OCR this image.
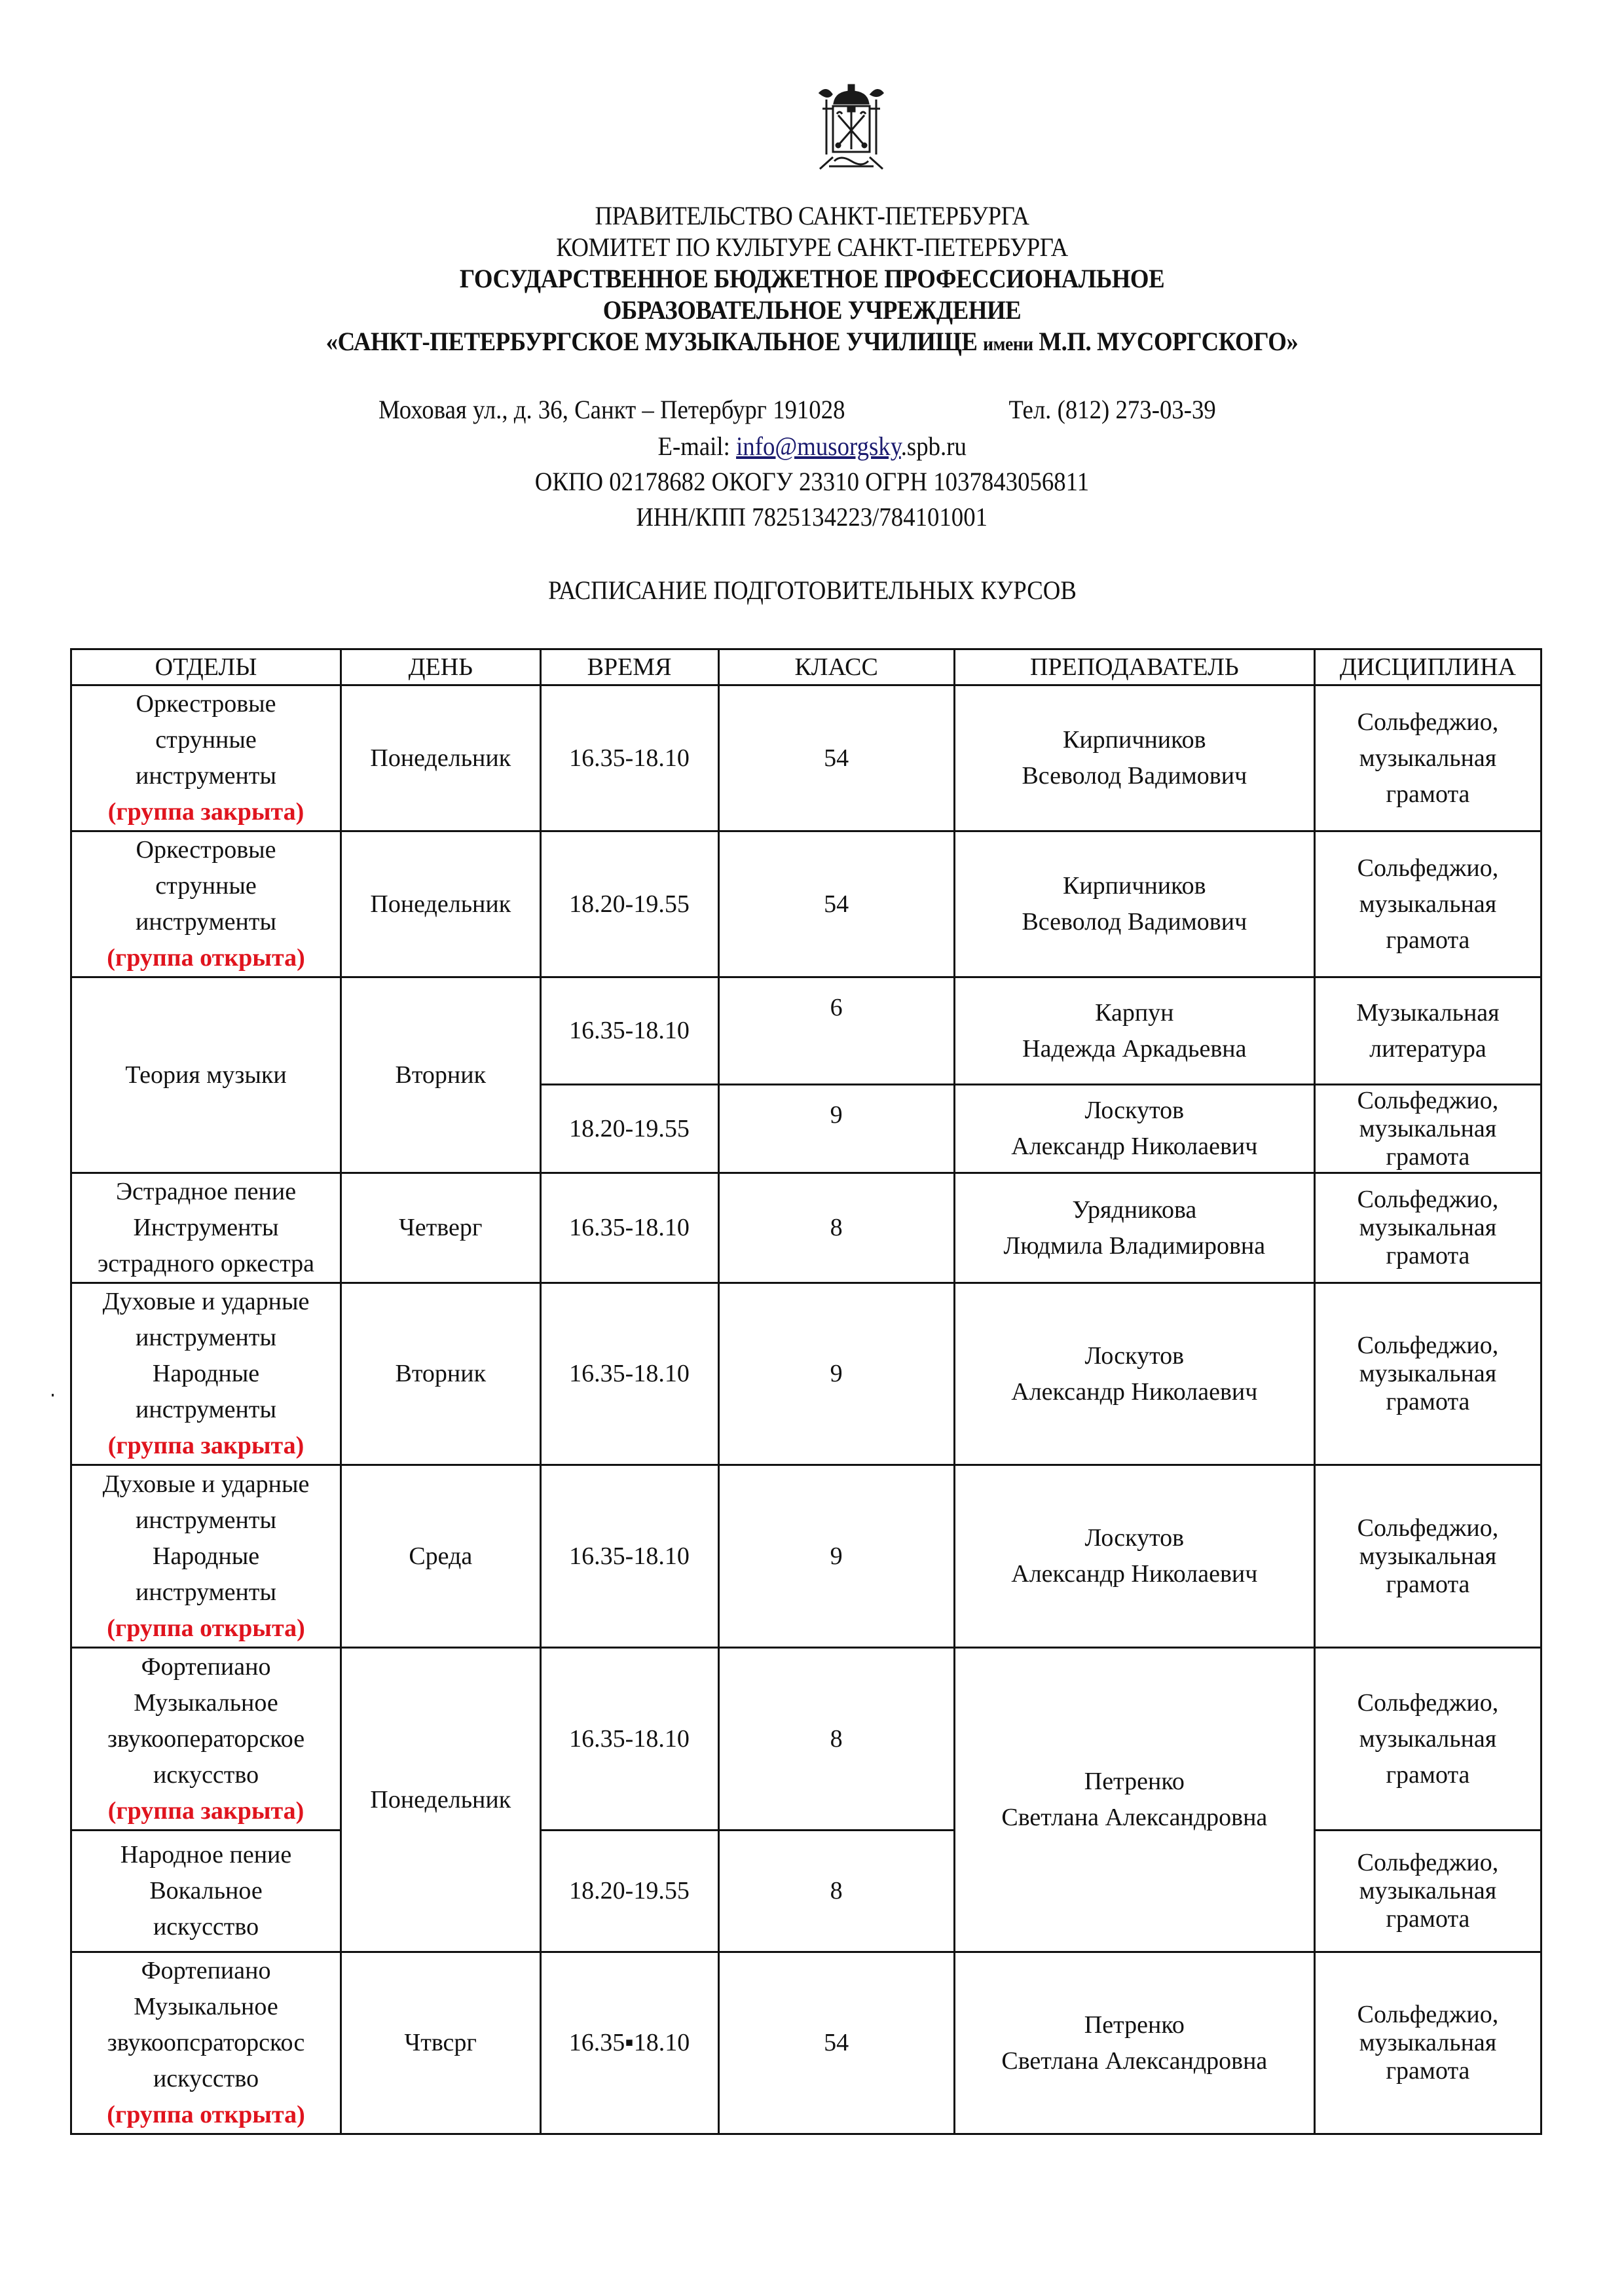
ПРАВИТЕЛЬСТВО САНКТ-ПЕТЕРБУРГА
КОМИТЕТ ПО КУЛЬТУРЕ САНКТ-ПЕТЕРБУРГА
ГОСУДАРСТВЕННОЕ БЮДЖЕТНОЕ ПРОФЕССИОНАЛЬНОЕ
ОБРАЗОВАТЕЛЬНОЕ УЧРЕЖДЕНИЕ
«САНКТ-ПЕТЕРБУРГСКОЕ МУЗЫКАЛЬНОЕ УЧИЛИЩЕ имени М.П. МУСОРГСКОГО»
Моховая ул., д. 36, Санкт – Петербург 191028	Тел. (812) 273-03-39
E-mail: info@musorgsky.spb.ru
ОКПО 02178682 ОКОГУ 23310 ОГРН 1037843056811
ИНН/КПП 7825134223/784101001
РАСПИСАНИЕ ПОДГОТОВИТЕЛЬНЫХ КУРСОВ
ОТДЕЛЫ	ДЕНЬ	ВРЕМЯ	КЛАСС	ПРЕПОДАВАТЕЛЬ	ДИСЦИПЛИНА

Оркестровые
струнные
инструменты
(группа закрыта)	Понедельник	16.35-18.10	54	Кирпичников
Всеволод Вадимович	Сольфеджио,
музыкальная
грамота

Оркестровые
струнные
инструменты
(группа открыта)	Понедельник	18.20-19.55	54	Кирпичников
Всеволод Вадимович	Сольфеджио,
музыкальная
грамота

Теория музыки	Вторник	16.35-18.10	6	Карпун
Надежда Аркадьевна	Музыкальная
литература

		18.20-19.55	9	Лоскутов
Александр Николаевич	Сольфеджио,
музыкальная
грамота

Эстрадное пение
Инструменты
эстрадного оркестра	Четверг	16.35-18.10	8	Урядникова
Людмила Владимировна	Сольфеджио,
музыкальная
грамота

Духовые и ударные
инструменты
Народные
инструменты
(группа закрыта)	Вторник	16.35-18.10	9	Лоскутов
Александр Николаевич	Сольфеджио,
музыкальная
грамота

Духовые и ударные
инструменты
Народные
инструменты
(группа открыта)	Среда	16.35-18.10	9	Лоскутов
Александр Николаевич	Сольфеджио,
музыкальная
грамота

Фортепиано
Музыкальное
звукооператорское
искусство
(группа закрыта)	Понедельник	16.35-18.10	8	Петренко
Светлана Александровна	Сольфеджио,
музыкальная
грамота

Народное пение
Вокальное
искусство		18.20-19.55	8		Сольфеджио,
музыкальная
грамота

Фортепиано
Музыкальное
звукоопсраторскос
искусство
(группа открыта)	Чтвсрг	16.35▪18.10	54	Петренко
Светлана Александровна	Сольфеджио,
музыкальная
грамота
